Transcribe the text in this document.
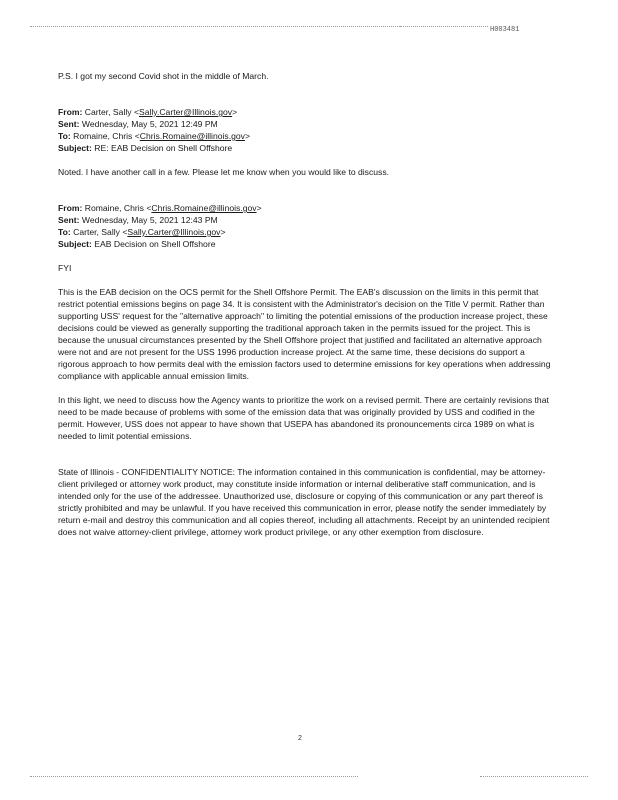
H003481

P.S. I got my second Covid shot in the middle of March.

From: Carter, Sally <Sally.Carter@Illinois.gov>

Sent: Wednesday, May 5, 2021 12:49 PM

To: Romaine, Chris <Chris.Romaine@illinois.gov>

Subject: RE: EAB Decision on Shell Offshore

Noted. I have another call in a few. Please let me know when you would like to discuss.

From: Romaine, Chris <Chris.Romaine@illinois.gov>

Sent: Wednesday, May 5, 2021 12:43 PM

To: Carter, Sally <Sally.Carter@Illinois.gov>

Subject: EAB Decision on Shell Offshore

FYI

This is the EAB decision on the OCS permit for the Shell Offshore Permit. The EAB's discussion on the limits in this permit that restrict potential emissions begins on page 34. It is consistent with the Administrator's decision on the Title V permit. Rather than supporting USS' request for the "alternative approach" to limiting the potential emissions of the production increase project, these decisions could be viewed as generally supporting the traditional approach taken in the permits issued for the project. This is because the unusual circumstances presented by the Shell Offshore project that justified and facilitated an alternative approach were not and are not present for the USS 1996 production increase project. At the same time, these decisions do support a rigorous approach to how permits deal with the emission factors used to determine emissions for key operations when addressing compliance with applicable annual emission limits.

In this light, we need to discuss how the Agency wants to prioritize the work on a revised permit. There are certainly revisions that need to be made because of problems with some of the emission data that was originally provided by USS and codified in the permit. However, USS does not appear to have shown that USEPA has abandoned its pronouncements circa 1989 on what is needed to limit potential emissions.

State of Illinois - CONFIDENTIALITY NOTICE: The information contained in this communication is confidential, may be attorney-client privileged or attorney work product, may constitute inside information or internal deliberative staff communication, and is intended only for the use of the addressee. Unauthorized use, disclosure or copying of this communication or any part thereof is strictly prohibited and may be unlawful. If you have received this communication in error, please notify the sender immediately by return e-mail and destroy this communication and all copies thereof, including all attachments. Receipt by an unintended recipient does not waive attorney-client privilege, attorney work product privilege, or any other exemption from disclosure.

2
